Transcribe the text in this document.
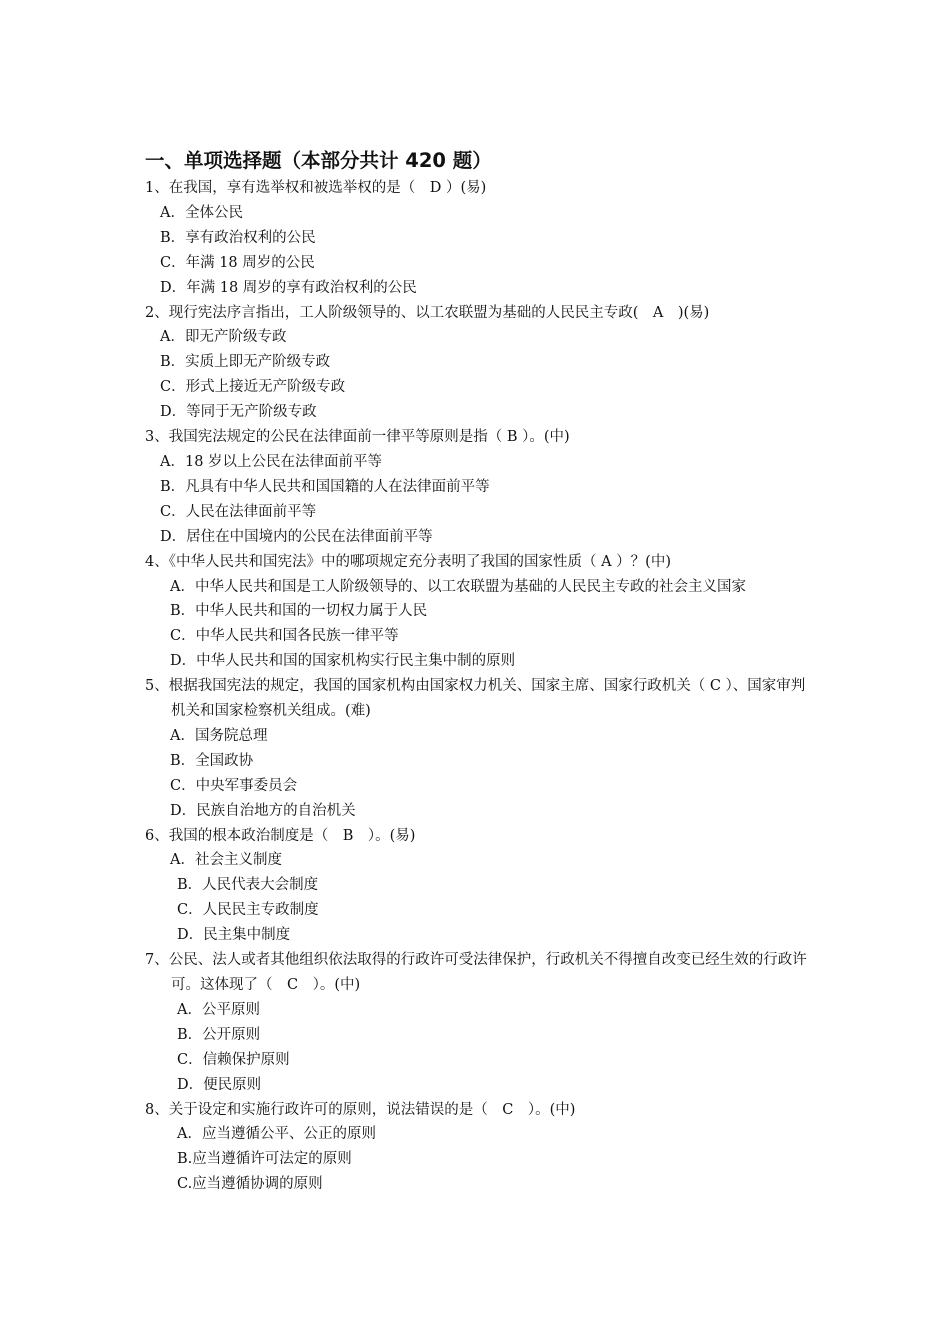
一、单项选择题（本部分共计 420 题）
1、在我国，享有选举权和被选举权的是（　D ）(易)
A．全体公民
B．享有政治权利的公民
C．年满 18 周岁的公民
D．年满 18 周岁的享有政治权利的公民
2、现行宪法序言指出，工人阶级领导的、以工农联盟为基础的人民民主专政(　A　)(易)
A．即无产阶级专政
B．实质上即无产阶级专政
C．形式上接近无产阶级专政
D．等同于无产阶级专政
3、我国宪法规定的公民在法律面前一律平等原则是指（ B ）。(中)
A．18 岁以上公民在法律面前平等
B．凡具有中华人民共和国国籍的人在法律面前平等
C．人民在法律面前平等
D．居住在中国境内的公民在法律面前平等
4、《中华人民共和国宪法》中的哪项规定充分表明了我国的国家性质（ A ）？(中)
A．中华人民共和国是工人阶级领导的、以工农联盟为基础的人民民主专政的社会主义国家
B．中华人民共和国的一切权力属于人民
C．中华人民共和国各民族一律平等
D．中华人民共和国的国家机构实行民主集中制的原则
5、根据我国宪法的规定，我国的国家机构由国家权力机关、国家主席、国家行政机关（ C ）、国家审判机关和国家检察机关组成。(难)
A．国务院总理
B．全国政协
C．中央军事委员会
D．民族自治地方的自治机关
6、我国的根本政治制度是（　B　）。(易)
A．社会主义制度
B．人民代表大会制度
C．人民民主专政制度
D．民主集中制度
7、公民、法人或者其他组织依法取得的行政许可受法律保护，行政机关不得擅自改变已经生效的行政许可。这体现了（　C　）。(中)
A．公平原则
B．公开原则
C．信赖保护原则
D．便民原则
8、关于设定和实施行政许可的原则，说法错误的是（　C　）。(中)
A．应当遵循公平、公正的原则
B.应当遵循许可法定的原则
C.应当遵循协调的原则
